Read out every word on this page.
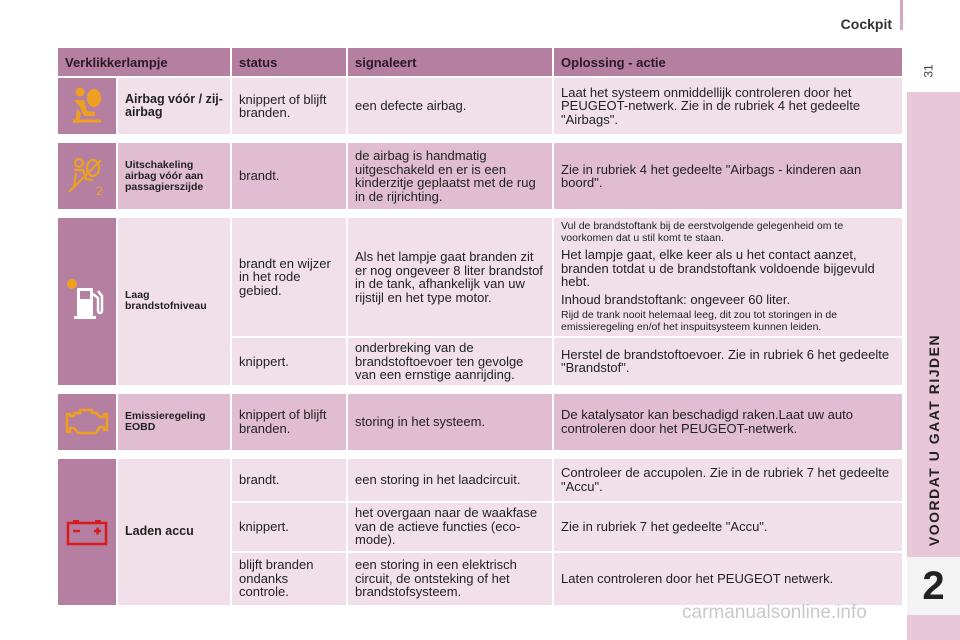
Cockpit
31
VOORDAT U GAAT RIJDEN
2
Verklikkerlampje		status	signaleert	Oplossing - actie

	Airbag vóór / zij-airbag	knippert of blijft branden.	een defecte airbag.	Laat het systeem onmiddellijk controleren door het PEUGEOT-netwerk. Zie in de rubriek 4 het gedeelte "Airbags".

2	Uitschakeling airbag vóór aan passagierszijde	brandt.	de airbag is handmatig uitgeschakeld en er is een kinderzitje geplaatst met de rug in de rijrichting.	Zie in rubriek 4 het gedeelte "Airbags - kinderen aan boord".

	Laag brandstofniveau	brandt en wijzer in het rode gebied.	Als het lampje gaat branden zit er nog ongeveer 8 liter brandstof in de tank, afhankelijk van uw rijstijl en het type motor.	Vul de brandstoftank bij de eerstvolgende gelegenheid om te voorkomen dat u stil komt te staan.
Het lampje gaat, elke keer als u het contact aanzet, branden totdat u de brandstoftank voldoende bijgevuld hebt.
Inhoud brandstoftank: ongeveer 60 liter.
Rijd de trank nooit helemaal leeg, dit zou tot storingen in de emissieregeling en/of het inspuitsysteem kunnen leiden.

		knippert.	onderbreking van de brandstoftoevoer ten gevolge van een ernstige aanrijding.	Herstel de brandstoftoevoer. Zie in rubriek 6 het gedeelte "Brandstof".

	Emissieregeling EOBD	knippert of blijft branden.	storing in het systeem.	De katalysator kan beschadigd raken.Laat uw auto controleren door het PEUGEOT-netwerk.

	Laden accu	brandt.	een storing in het laadcircuit.	Controleer de accupolen. Zie in de rubriek 7 het gedeelte "Accu".
		knippert.	het overgaan naar de waakfase van de actieve functies (eco-mode).	Zie in rubriek 7 het gedeelte "Accu".
		blijft branden ondanks controle.	een storing in een elektrisch circuit, de ontsteking of het brandstofsysteem.	Laten controleren door het PEUGEOT netwerk.
carmanualsonline.info
